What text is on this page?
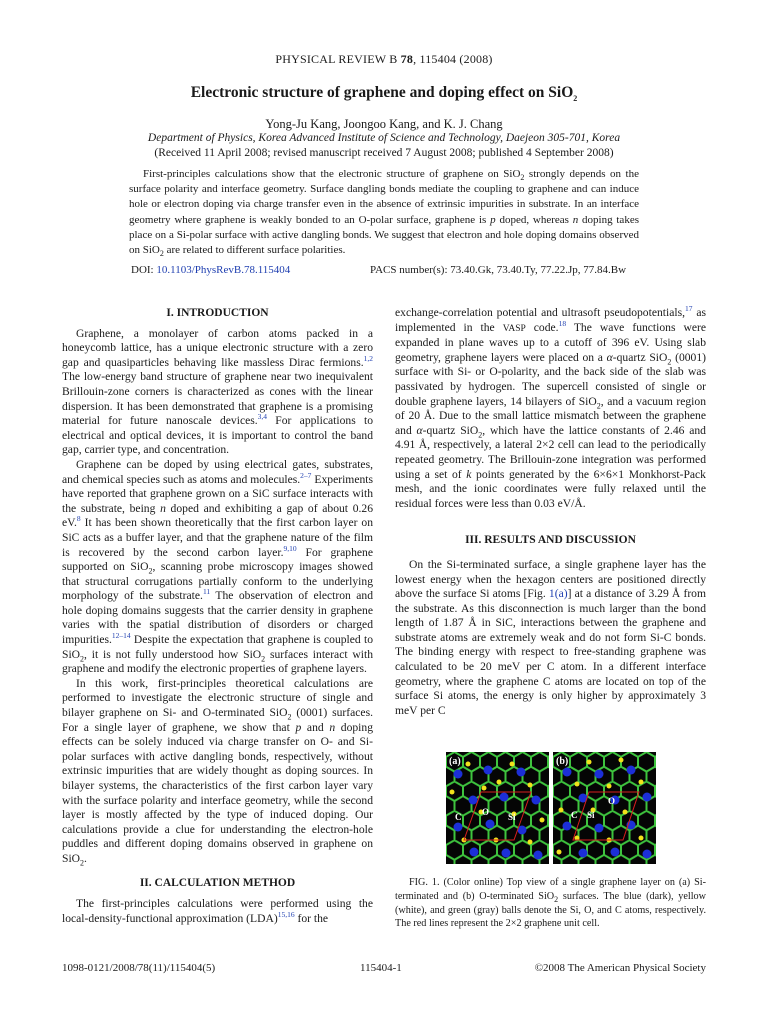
PHYSICAL REVIEW B 78, 115404 (2008)
Electronic structure of graphene and doping effect on SiO$_2$
Yong-Ju Kang, Joongoo Kang, and K. J. Chang
Department of Physics, Korea Advanced Institute of Science and Technology, Daejeon 305-701, Korea
(Received 11 April 2008; revised manuscript received 7 August 2008; published 4 September 2008)
First-principles calculations show that the electronic structure of graphene on SiO$_2$ strongly depends on the surface polarity and interface geometry. Surface dangling bonds mediate the coupling to graphene and can induce hole or electron doping via charge transfer even in the absence of extrinsic impurities in substrate. In an interface geometry where graphene is weakly bonded to an O-polar surface, graphene is p doped, whereas n doping takes place on a Si-polar surface with active dangling bonds. We suggest that electron and hole doping domains observed on SiO$_2$ are related to different surface polarities.
DOI: 10.1103/PhysRevB.78.115404	PACS number(s): 73.40.Gk, 73.40.Ty, 77.22.Jp, 77.84.Bw
I. INTRODUCTION

Graphene, a monolayer of carbon atoms packed in a honeycomb lattice, has a unique electronic structure with a zero gap and quasiparticles behaving like massless Dirac fermions.$^{1,2}$ The low-energy band structure of graphene near two inequivalent Brillouin-zone corners is characterized as cones with the linear dispersion. It has been demonstrated that graphene is a promising material for future nanoscale devices.$^{3,4}$ For applications to electrical and optical devices, it is important to control the band gap, carrier type, and concentration.

Graphene can be doped by using electrical gates, substrates, and chemical species such as atoms and molecules.$^{2-7}$ Experiments have reported that graphene grown on a SiC surface interacts with the substrate, being n doped and exhibiting a gap of about 0.26 eV.$^8$ It has been shown theoretically that the first carbon layer on SiC acts as a buffer layer, and that the graphene nature of the film is recovered by the second carbon layer.$^{9,10}$ For graphene supported on SiO$_2$, scanning probe microscopy images showed that structural corrugations partially conform to the underlying morphology of the substrate.$^{11}$ The observation of electron and hole doping domains suggests that the carrier density in graphene varies with the spatial distribution of disorders or charged impurities.$^{12-14}$ Despite the expectation that graphene is coupled to SiO$_2$, it is not fully understood how SiO$_2$ surfaces interact with graphene and modify the electronic properties of graphene layers.

In this work, first-principles theoretical calculations are performed to investigate the electronic structure of single and bilayer graphene on Si- and O-terminated SiO$_2$ (0001) surfaces. For a single layer of graphene, we show that p and n doping effects can be solely induced via charge transfer on O- and Si-polar surfaces with active dangling bonds, respectively, without extrinsic impurities that are widely thought as doping sources. In bilayer systems, the characteristics of the first carbon layer vary with the surface polarity and interface geometry, while the second layer is mostly affected by the type of induced doping. Our calculations provide a clue for understanding the electron-hole puddles and different doping domains observed in graphene on SiO$_2$.

II. CALCULATION METHOD

The first-principles calculations were performed using the local-density-functional approximation (LDA)$^{15,16}$ for the

exchange-correlation potential and ultrasoft pseudopotentials,$^{17}$ as implemented in the VASP code.$^{18}$ The wave functions were expanded in plane waves up to a cutoff of 396 eV. Using slab geometry, graphene layers were placed on a α-quartz SiO$_2$ (0001) surface with Si- or O-polarity, and the back side of the slab was passivated by hydrogen. The supercell consisted of single or double graphene layers, 14 bilayers of SiO$_2$, and a vacuum region of 20 Å. Due to the small lattice mismatch between the graphene and α-quartz SiO$_2$, which have the lattice constants of 2.46 and 4.91 Å, respectively, a lateral 2×2 cell can lead to the periodically repeated geometry. The Brillouin-zone integration was performed using a set of k points generated by the 6×6×1 Monkhorst-Pack mesh, and the ionic coordinates were fully relaxed until the residual forces were less than 0.03 eV/Å.

III. RESULTS AND DISCUSSION

On the Si-terminated surface, a single graphene layer has the lowest energy when the hexagon centers are positioned directly above the surface Si atoms [Fig. 1(a)] at a distance of 3.29 Å from the substrate. As this disconnection is much larger than the bond length of 1.87 Å in SiC, interactions between the graphene and substrate atoms are extremely weak and do not form Si-C bonds. The binding energy with respect to free-standing graphene was calculated to be 20 meV per C atom. In a different interface geometry, where the graphene C atoms are located on top of the surface Si atoms, the energy is only higher by approximately 3 meV per C

(a)
C O Si
(b)
O
C Si
FIG. 1. (Color online) Top view of a single graphene layer on (a) Si-terminated and (b) O-terminated SiO$_2$ surfaces. The blue (dark), yellow (white), and green (gray) balls denote the Si, O, and C atoms, respectively. The red lines represent the 2×2 graphene unit cell.
1098-0121/2008/78(11)/115404(5)	115404-1	©2008 The American Physical Society
